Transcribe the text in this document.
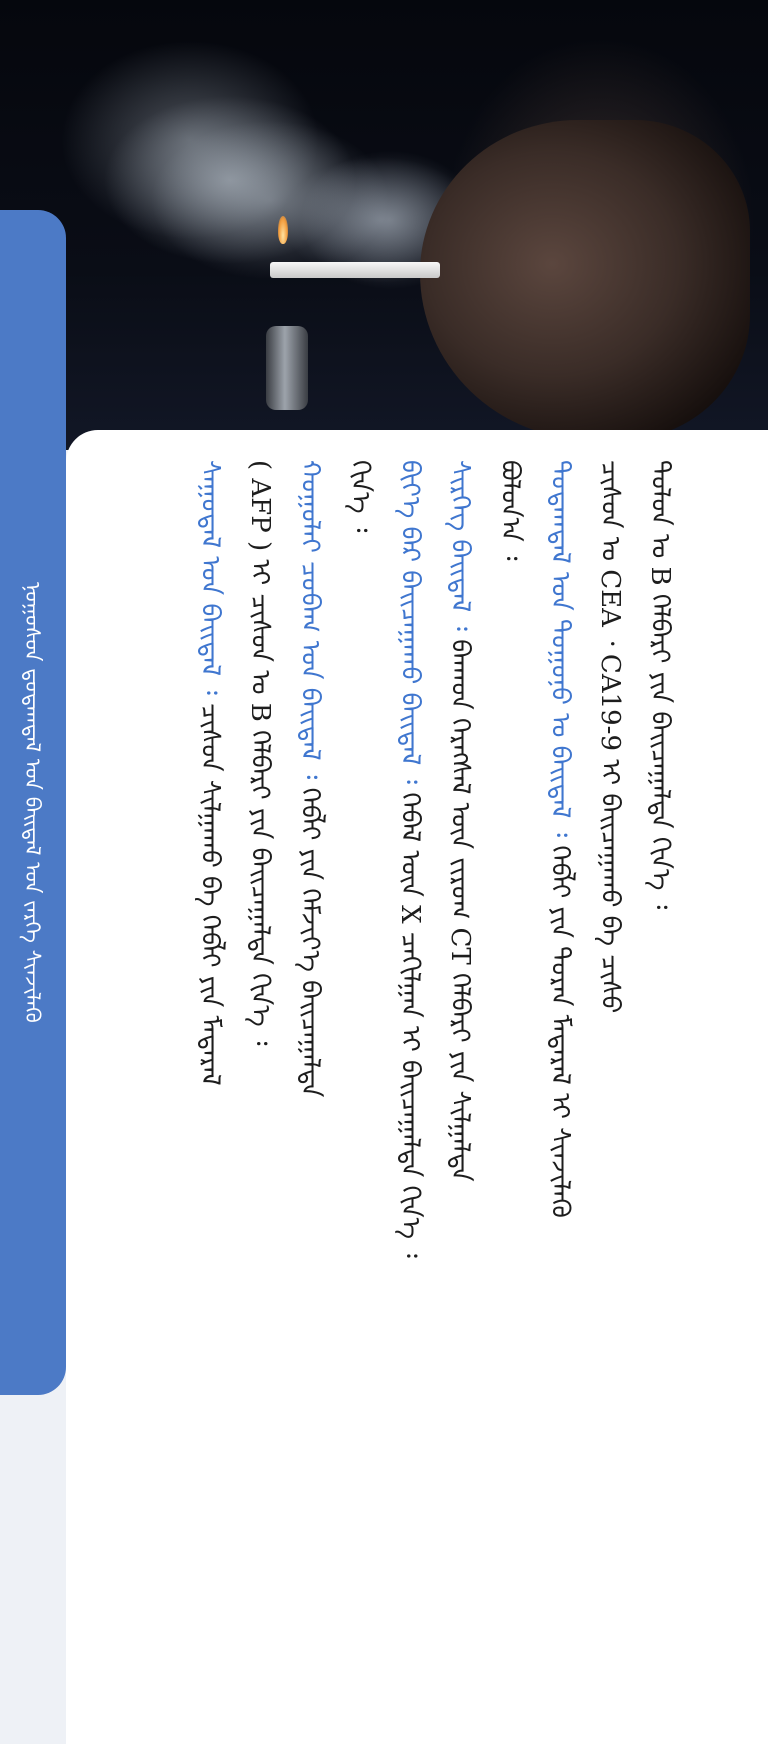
ᠨᠤᠭᠤᠰᠤᠨ ᠳ᠋ᠤᠲᠠᠭᠳᠠᠯ ᠤᠨ ᠪᠠᠢᠳᠠᠯ ᠤᠨ ᠵᠡᠷᠭᠡ ᠰᠢᠨᠵᠢᠯᠡᠬᠦ	ᠳᠤᠯᠤᠨ ᠤ B ᠬᠡᠯᠪᠡᠷᠢ ᠶᠢᠨ ᠪᠠᠢᠴᠠᠭᠠᠯᠲᠠ ᠬᠢᠨ᠎ᠡ ᠄
ᠴᠢᠰᠤᠨ ᠤ CEA ᠂ CA19-9 ᠢ ᠪᠠᠢᠴᠠᠭᠠᠬᠤ ᠪᠠ ᠴᠢᠰᠤ
ᠳᠤᠲᠠᠭᠳᠠᠯ ᠤᠨ ᠲᠣᠭᠤᠨᠤ ᠤ ᠪᠠᠢᠳᠠᠯ ᠄ ᠬᠡᠪᠯᠢ ᠶᠢᠨ ᠳᠤᠷᠠᠨ ᠮᠡᠳᠡᠷᠡᠯ ᠢ ᠰᠢᠨᠵᠢᠯᠡᠬᠦ
ᠪᠣᠯᠣᠨ᠎ᠠ ᠄
ᠰᠢᠷᠬᠡᠭ ᠪᠠᠢᠳᠠᠯ ᠄ ᠪᠠᠬᠠᠳ ᠬᠡᠷᠡᠭᠰᠡᠯ ᠦᠨ ᠵᠢᠷᠤᠭ CT ᠬᠡᠯᠪᠡᠷᠢ ᠶᠢᠨ ᠰᠢᠯᠭᠠᠯᠲᠠ
ᠪᠢᠶ᠎ᠡ ᠪᠡᠷ ᠪᠠᠢᠴᠠᠭᠠᠬᠤ ᠪᠠᠢᠳᠠᠯ ᠄ ᠬᠡᠪᠡᠯ ᠦᠨ X ᠴᠠᠬᠢᠯᠭᠠᠨ ᠢ ᠪᠠᠢᠴᠠᠭᠠᠯᠲᠠ ᠬᠢᠨ᠎ᠡ ᠄
ᠬᠢᠨ᠎ᠡ ᠄
ᠬᠣᠭᠣᠯᠠᠢ ᠴᠤᠪᠠᠭ ᠤᠨ ᠪᠠᠢᠳᠠᠯ ᠄ ᠬᠡᠪᠯᠢ ᠶᠢᠨ ᠬᠡᠮᠵᠢᠶ᠎ᠡ ᠪᠠᠢᠴᠠᠭᠠᠯᠲᠠ
( AFP ) ᠢ ᠴᠢᠰᠤᠨ ᠤ B ᠬᠡᠯᠪᠡᠷᠢ ᠶᠢᠨ ᠪᠠᠢᠴᠠᠭᠠᠯᠲᠠ ᠬᠢᠨ᠎ᠡ ᠄
ᠰᠠᠭᠤᠳᠠᠯ ᠤᠨ ᠪᠠᠢᠳᠠᠯ ᠄ ᠴᠢᠰᠤᠨ ᠰᠢᠯᠭᠠᠬᠤ ᠪᠠ ᠬᠡᠪᠯᠢ ᠶᠢᠨ ᠮᠡᠳᠡᠷᠡᠯ
